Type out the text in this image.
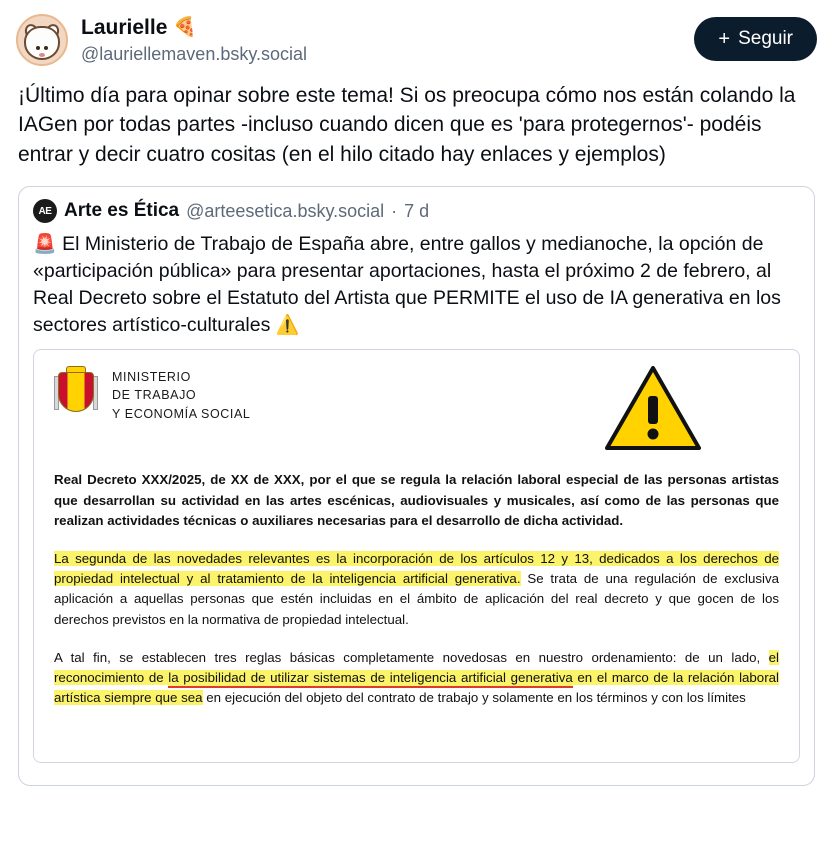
Laurielle 🍕
@lauriellemaven.bsky.social
+ Seguir
¡Último día para opinar sobre este tema! Si os preocupa cómo nos están colando la IAGen por todas partes -incluso cuando dicen que es 'para protegernos'- podéis entrar y decir cuatro cositas (en el hilo citado hay enlaces y ejemplos)
AE Arte es Ética @arteesetica.bsky.social · 7 d
🚨 El Ministerio de Trabajo de España abre, entre gallos y medianoche, la opción de «participación pública» para presentar aportaciones, hasta el próximo 2 de febrero, al Real Decreto sobre el Estatuto del Artista que PERMITE el uso de IA generativa en los sectores artístico-culturales ⚠️
MINISTERIO
DE TRABAJO
Y ECONOMÍA SOCIAL
Real Decreto XXX/2025, de XX de XXX, por el que se regula la relación laboral especial de las personas artistas que desarrollan su actividad en las artes escénicas, audiovisuales y musicales, así como de las personas que realizan actividades técnicas o auxiliares necesarias para el desarrollo de dicha actividad.
La segunda de las novedades relevantes es la incorporación de los artículos 12 y 13, dedicados a los derechos de propiedad intelectual y al tratamiento de la inteligencia artificial generativa. Se trata de una regulación de exclusiva aplicación a aquellas personas que estén incluidas en el ámbito de aplicación del real decreto y que gocen de los derechos previstos en la normativa de propiedad intelectual.
A tal fin, se establecen tres reglas básicas completamente novedosas en nuestro ordenamiento: de un lado, el reconocimiento de la posibilidad de utilizar sistemas de inteligencia artificial generativa en el marco de la relación laboral artística siempre que sea en ejecución del objeto del contrato de trabajo y solamente en los términos y con los límites
